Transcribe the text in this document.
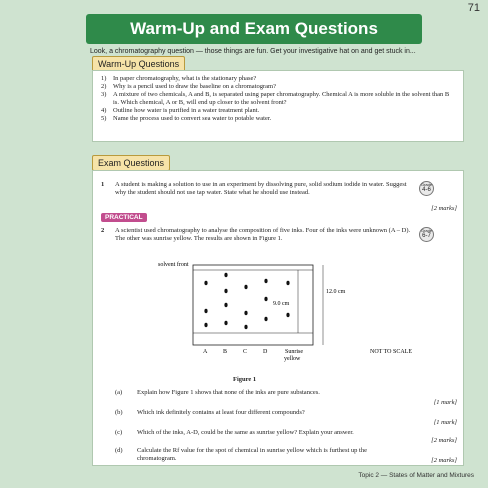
71
Warm-Up and Exam Questions
Look, a chromatography question — those things are fun. Get your investigative hat on and get stuck in...
Warm-Up Questions
1)	In paper chromatography, what is the stationary phase?
2)	Why is a pencil used to draw the baseline on a chromatogram?
3)	A mixture of two chemicals, A and B, is separated using paper chromatography. Chemical A is more soluble in the solvent than B is. Which chemical, A or B, will end up closer to the solvent front?
4)	Outline how water is purified in a water treatment plant.
5)	Name the process used to convert sea water to potable water.
Exam Questions
1 A student is making a solution to use in an experiment by dissolving pure, solid sodium iodide in water. Suggest why the student should not use tap water. State what he should use instead.
Grade
4-6
[2 marks]
PRACTICAL
2 A scientist used chromatography to analyse the composition of five inks. Four of the inks were unknown (A – D). The other was sunrise yellow. The results are shown in Figure 1.
Grade
6-7
solvent front
12.0 cm
9.0 cm
A	B	C	D	Sunrise
yellow
NOT TO SCALE
Figure 1
(a) Explain how Figure 1 shows that none of the inks are pure substances.
[1 mark]
(b) Which ink definitely contains at least four different compounds?
[1 mark]
(c) Which of the inks, A-D, could be the same as sunrise yellow? Explain your answer.
[2 marks]
(d) Calculate the Rf value for the spot of chemical in sunrise yellow which is furthest up the chromatogram.	[2 marks]
Topic 2 — States of Matter and Mixtures
